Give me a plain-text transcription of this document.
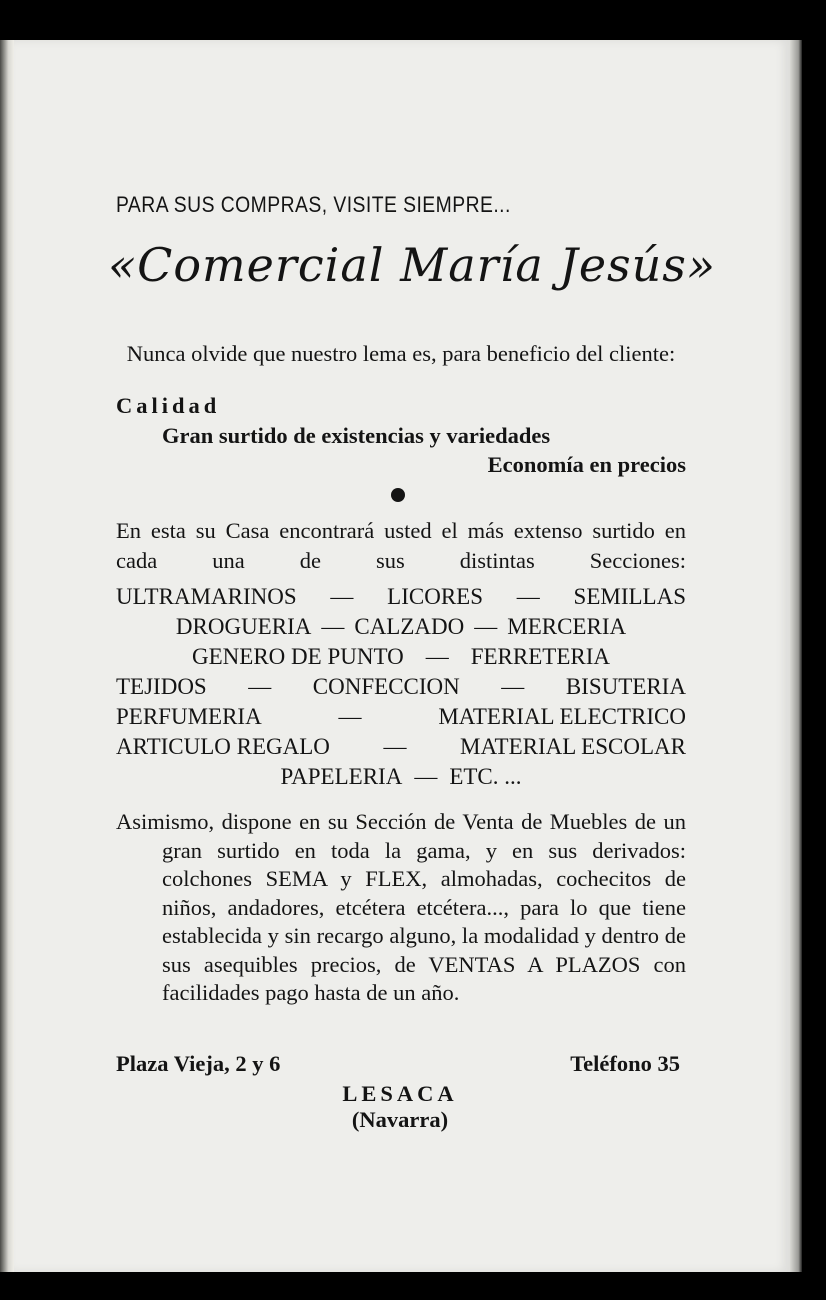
PARA SUS COMPRAS, VISITE SIEMPRE...
«Comercial María Jesús»
Nunca olvide que nuestro lema es, para beneficio del cliente:
Calidad
Gran surtido de existencias y variedades
Economía en precios
En esta su Casa encontrará usted el más extenso surtido en cada una de sus distintas Secciones:
ULTRAMARINOS — LICORES — SEMILLAS
DROGUERIA — CALZADO — MERCERIA
GENERO DE PUNTO — FERRETERIA
TEJIDOS — CONFECCION — BISUTERIA
PERFUMERIA	—	MATERIAL ELECTRICO
ARTICULO REGALO — MATERIAL ESCOLAR
PAPELERIA — ETC. ...
Asimismo, dispone en su Sección de Venta de Muebles de un gran surtido en toda la gama, y en sus derivados: colchones SEMA y FLEX, almohadas, cochecitos de niños, andadores, etcétera etcétera..., para lo que tiene establecida y sin recargo alguno, la modalidad y dentro de sus asequibles precios, de VENTAS A PLAZOS con facilidades pago hasta de un año.
Plaza Vieja, 2 y 6	Teléfono 35
LESACA
(Navarra)
